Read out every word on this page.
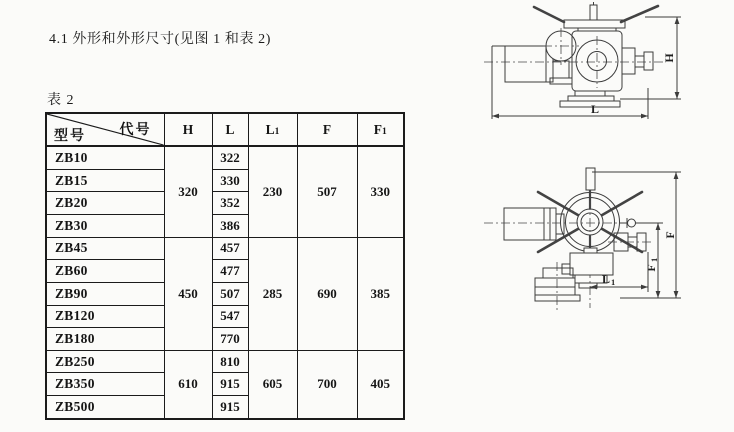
4.1 外形和外形尺寸(见图 1 和表 2)
表 2
型号 代号	H	L	L1	F	F1
ZB10	320	322	230	507	330
ZB15		330			
ZB20		352			
ZB30		386			
ZB45	450	457	285	690	385
ZB60		477			
ZB90		507			
ZB120		547			
ZB180		770			
ZB250	610	810	605	700	405
ZB350		915			
ZB500		915			
H
L
F
F
1
L 1
